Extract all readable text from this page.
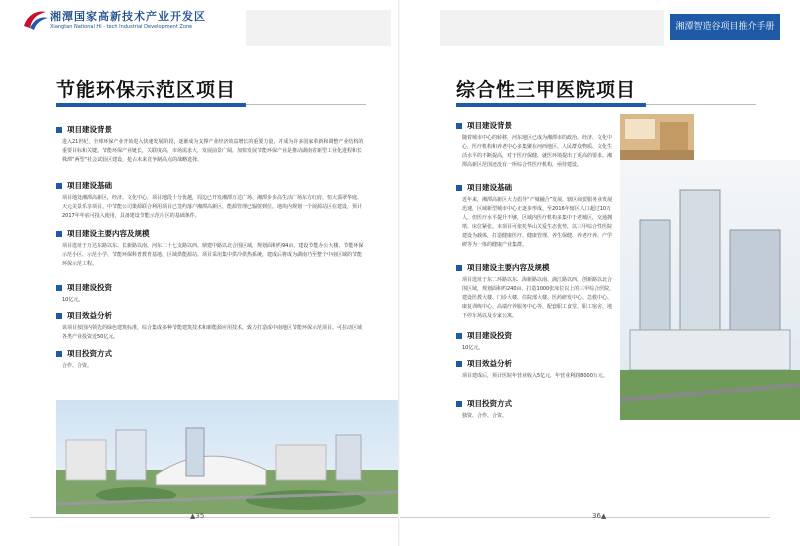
湘潭国家高新技术产业开发区
Xiangtan National Hi - tech Industrial Development Zone
节能环保示范区项目
项目建设背景
进入21世纪，全球环保产业开始进入快速发展阶段，逐渐成为支撑产业经济效益增长的重要力量，并成为许多国家革新和调整产业结构的重要目标和关键。节能环保产业链长，关联度高，市场需求大，发展前景广阔。加快发展节能环保产业是推动湖南省新型工业化进程和长株潭“两型”社会试验区建设，抢占未来竞争制高点的战略选择。
项目建设基础
项目地处湘潭高新区，经济、文化中心，项目地段十分优越，周边已开发湘潭万达广场、湘潭步步高生活广场东方红府、恒大翡翠华庭、天元美景乐享项目。中节能公司策源联合利用项目已签约落户湘潭高新区，能源管理已辐射到位。地块内规划一个展源站区在建设，预计2017年年底可投入使用，具备建设节能示范片区的基础条件。
项目建设主要内容及规模
项目选址于万达东路以东、长新路以南、河东二十七支路以西、鼎建中路以北合围区域，规划面积约94亩，建设节能办公大楼、节能环保示范小区、示范小学、节能环保科普教育基地、区域供能源站。项目采用集中供冷供热系统，建成后将成为湖南乃至整个中南区域的节能环保示范工程。
项目建设投资
10亿元。
项目效益分析
该项目按国内领先的绿色建筑标准，综合集成多种节能建筑技术和新能源应用技术，致力打造成中南地区节能环保示范项目。可拉动区域各类产业投资近50亿元。
项目投资方式
合作、合资。
▲35
湘潭智造谷项目推介手册
综合性三甲医院项目
项目建设背景
随着城市中心的转移，河东地区已成为湘潭市的政治、经济、文化中心，医疗机构和养老中心多集聚在河西地区。人民群众物质、文化生活水平的不断提高，对于医疗保健、就医环境提出了更高的要求。湘潭高新区范围还没有一所综合性医疗机构，亟待建设。
项目建设基础
近年来，湘潭高新区大力倡导“产城融合”发展，辖区商贸服务业发展迅速，区域新型城市中心正逐步形成。至2016年辖区人口超过10万人，但医疗水平提升不够，区域内医疗机构多集中于老城区，交通拥堵、床位紧张。本项目可依托华山关爱生态优势，以三甲综合性医院建设为载体，打造健康医疗、健康管理、养生保健、养老疗养、产学研等为一体的健康产业集群。
项目建设主要内容及规模
项目选址于东二环路以东、海新路以南、滴江路以西、创新路以北合围区域，规划面积约240亩，打造1000张床位以上的三甲综合医院，建设医教大楼、门诊大楼、住院部大楼、医药研发中心、急救中心、康复训练中心、高端疗养服务中心等，配套职工食堂、职工宿舍、地下停车场以及专家公寓。
项目建设投资
10亿元。
项目效益分析
项目建成后，预计医院年营业收入5亿元，年营业利润8000万元。
项目投资方式
独资、合作、合资。
36▲
